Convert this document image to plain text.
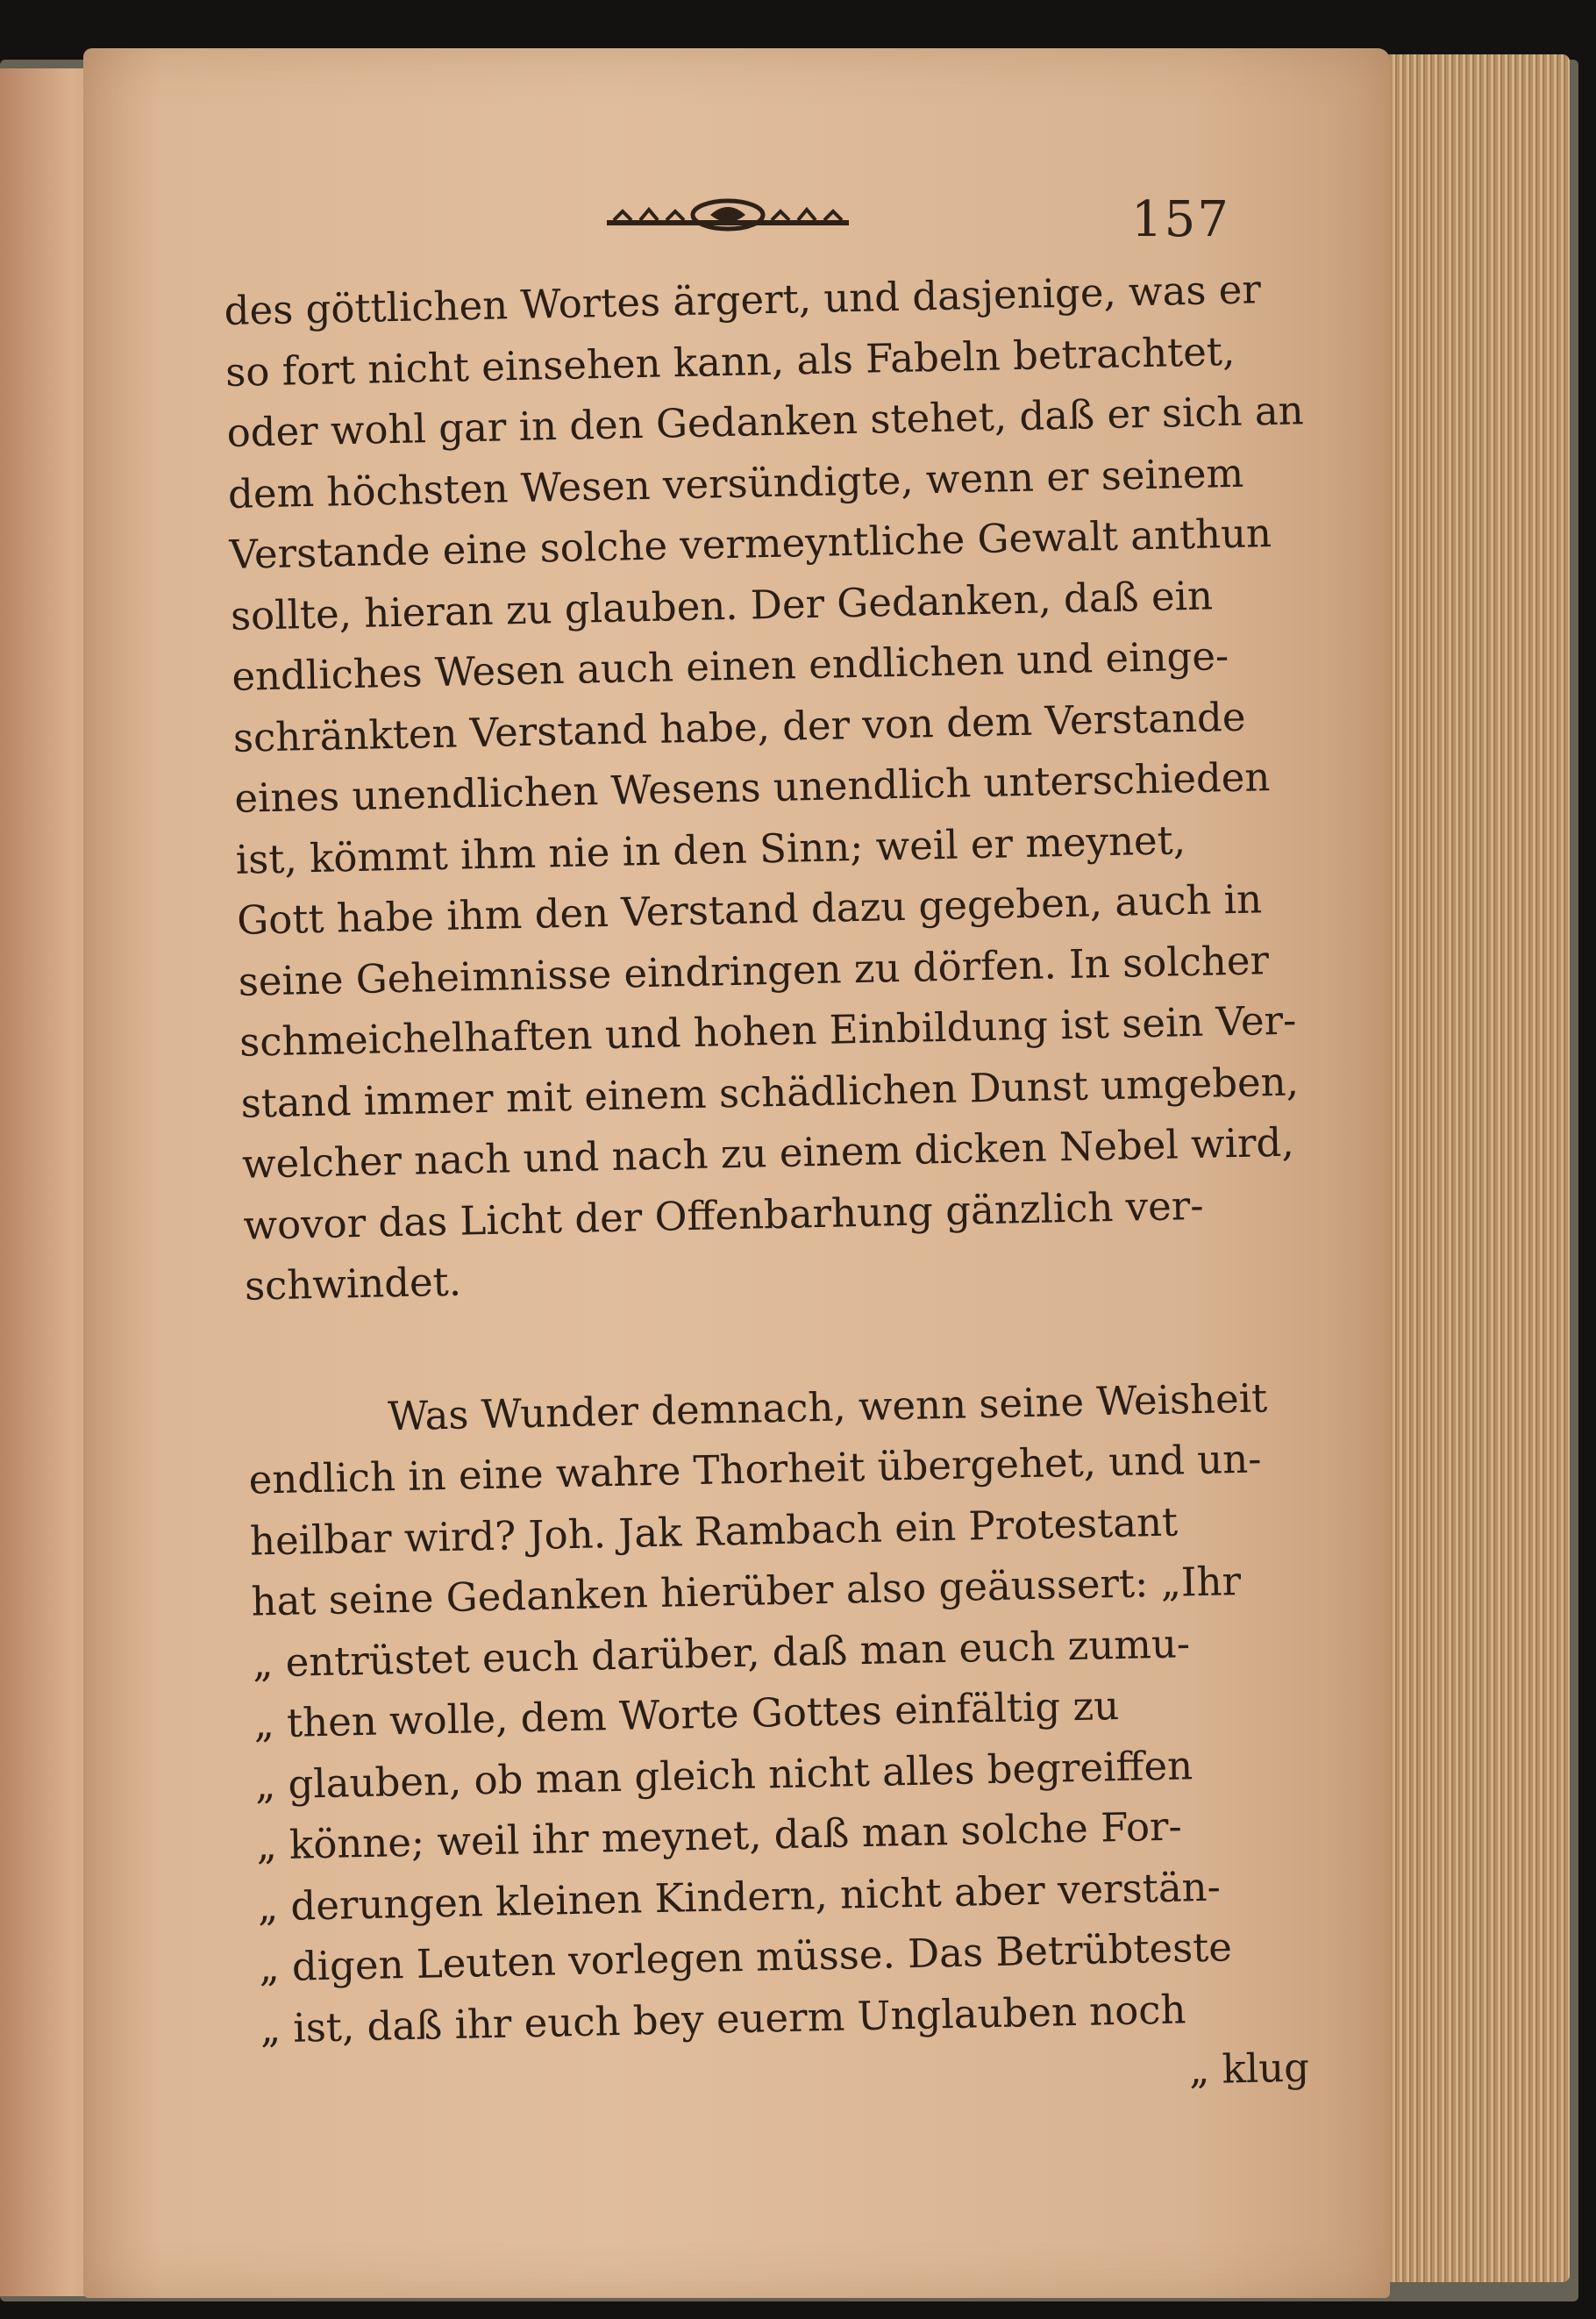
157
des göttlichen Wortes ärgert, und dasjenige, was er
so fort nicht einsehen kann, als Fabeln betrachtet,
oder wohl gar in den Gedanken stehet, daß er sich an
dem höchsten Wesen versündigte, wenn er seinem
Verstande eine solche vermeyntliche Gewalt anthun
sollte, hieran zu glauben. Der Gedanken, daß ein
endliches Wesen auch einen endlichen und einge-
schränkten Verstand habe, der von dem Verstande
eines unendlichen Wesens unendlich unterschieden
ist, kömmt ihm nie in den Sinn; weil er meynet,
Gott habe ihm den Verstand dazu gegeben, auch in
seine Geheimnisse eindringen zu dörfen. In solcher
schmeichelhaften und hohen Einbildung ist sein Ver-
stand immer mit einem schädlichen Dunst umgeben,
welcher nach und nach zu einem dicken Nebel wird,
wovor das Licht der Offenbarhung gänzlich ver-
schwindet.
Was Wunder demnach, wenn seine Weisheit
endlich in eine wahre Thorheit übergehet, und un-
heilbar wird? Joh. Jak Rambach ein Protestant
hat seine Gedanken hierüber also geäussert: „Ihr
„ entrüstet euch darüber, daß man euch zumu-
„ then wolle, dem Worte Gottes einfältig zu
„ glauben, ob man gleich nicht alles begreiffen
„ könne; weil ihr meynet, daß man solche For-
„ derungen kleinen Kindern, nicht aber verstän-
„ digen Leuten vorlegen müsse. Das Betrübteste
„ ist, daß ihr euch bey euerm Unglauben noch
„ klug
